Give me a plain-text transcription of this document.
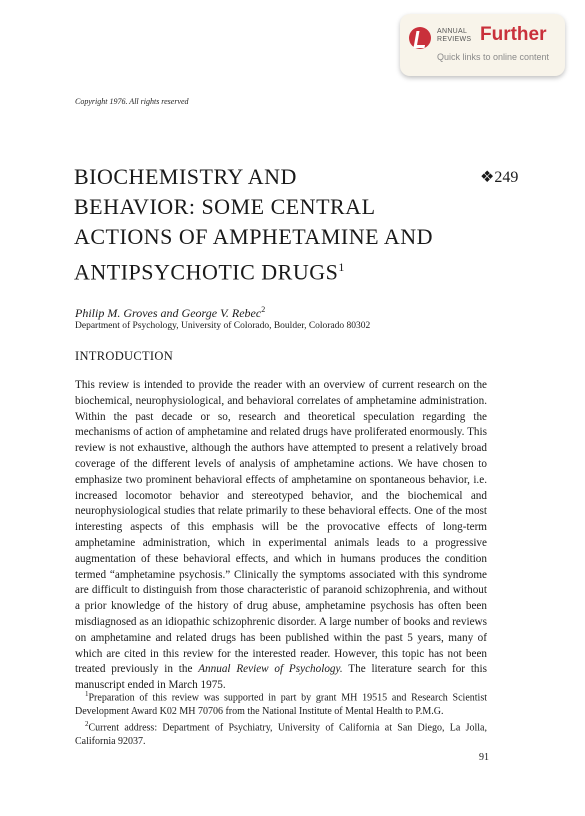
ANNUAL
REVIEWS Further
Quick links to online content
Copyright 1976. All rights reserved
BIOCHEMISTRY AND
BEHAVIOR: SOME CENTRAL
ACTIONS OF AMPHETAMINE AND
ANTIPSYCHOTIC DRUGS$^1$
❖249
Philip M. Groves and George V. Rebec$^2$
Department of Psychology, University of Colorado, Boulder, Colorado 80302
INTRODUCTION

This review is intended to provide the reader with an overview of current research on the biochemical, neurophysiological, and behavioral correlates of amphetamine administration. Within the past decade or so, research and theoretical speculation regarding the mechanisms of action of amphetamine and related drugs have proliferated enormously. This review is not exhaustive, although the authors have attempted to present a relatively broad coverage of the different levels of analysis of amphetamine actions. We have chosen to emphasize two prominent behavioral effects of amphetamine on spontaneous behavior, i.e. increased locomotor behavior and stereotyped behavior, and the biochemical and neurophysiological studies that relate primarily to these behavioral effects. One of the most interesting aspects of this emphasis will be the provocative effects of long-term amphetamine administration, which in experimental animals leads to a progressive augmentation of these behavioral effects, and which in humans produces the condition termed “amphetamine psychosis.” Clinically the symptoms associated with this syndrome are difficult to distinguish from those characteristic of paranoid schizophrenia, and without a prior knowledge of the history of drug abuse, amphetamine psychosis has often been misdiagnosed as an idiopathic schizophrenic disorder. A large number of books and reviews on amphetamine and related drugs has been published within the past 5 years, many of which are cited in this review for the interested reader. However, this topic has not been treated previously in the Annual Review of Psychology. The literature search for this manuscript ended in March 1975.

$^1$Preparation of this review was supported in part by grant MH 19515 and Research Scientist Development Award K02 MH 70706 from the National Institute of Mental Health to P.M.G.

$^2$Current address: Department of Psychiatry, University of California at San Diego, La Jolla, California 92037.

91
